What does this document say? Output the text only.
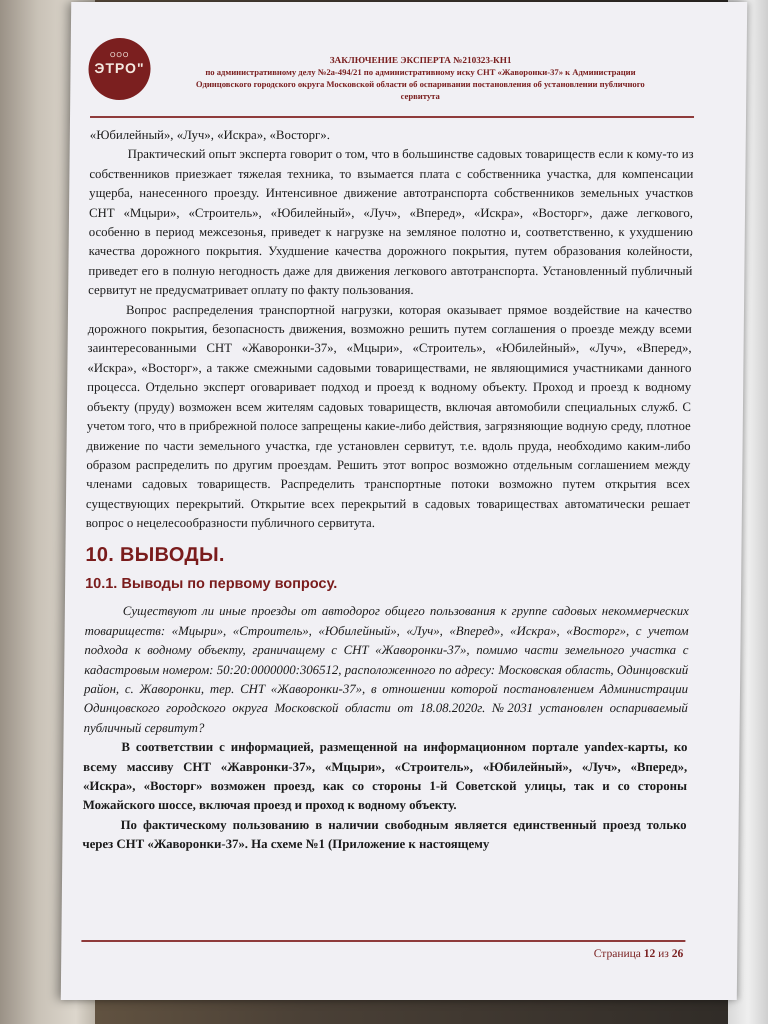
ООО
ЭТРО"	ЗАКЛЮЧЕНИЕ ЭКСПЕРТА №210323-КН1
по административному делу №2а-494/21 по административному иску СНТ «Жаворонки-37» к Администрации
Одинцовского городского округа Московской области об оспаривании постановления об установлении публичного
сервитута

«Юбилейный», «Луч», «Искра», «Восторг».

Практический опыт эксперта говорит о том, что в большинстве садовых товариществ если к кому-то из собственников приезжает тяжелая техника, то взымается плата с собственника участка, для компенсации ущерба, нанесенного проезду. Интенсивное движение автотранспорта собственников земельных участков СНТ «Мцыри», «Строитель», «Юбилейный», «Луч», «Вперед», «Искра», «Восторг», даже легкового, особенно в период межсезонья, приведет к нагрузке на земляное полотно и, соответственно, к ухудшению качества дорожного покрытия. Ухудшение качества дорожного покрытия, путем образования колейности, приведет его в полную негодность даже для движения легкового автотранспорта. Установленный публичный сервитут не предусматривает оплату по факту пользования.

Вопрос распределения транспортной нагрузки, которая оказывает прямое воздействие на качество дорожного покрытия, безопасность движения, возможно решить путем соглашения о проезде между всеми заинтересованными СНТ «Жаворонки-37», «Мцыри», «Строитель», «Юбилейный», «Луч», «Вперед», «Искра», «Восторг», а также смежными садовыми товариществами, не являющимися участниками данного процесса. Отдельно эксперт оговаривает подход и проезд к водному объекту. Проход и проезд к водному объекту (пруду) возможен всем жителям садовых товариществ, включая автомобили специальных служб. С учетом того, что в прибрежной полосе запрещены какие-либо действия, загрязняющие водную среду, плотное движение по части земельного участка, где установлен сервитут, т.е. вдоль пруда, необходимо каким-либо образом распределить по другим проездам. Решить этот вопрос возможно отдельным соглашением между членами садовых товариществ. Распределить транспортные потоки возможно путем открытия всех существующих перекрытий. Открытие всех перекрытий в садовых товариществах автоматически решает вопрос о нецелесообразности публичного сервитута.

10. ВЫВОДЫ.

10.1. Выводы по первому вопросу.

Существуют ли иные проезды от автодорог общего пользования к группе садовых некоммерческих товариществ: «Мцыри», «Строитель», «Юбилейный», «Луч», «Вперед», «Искра», «Восторг», с учетом подхода к водному объекту, граничащему с СНТ «Жаворонки-37», помимо части земельного участка с кадастровым номером: 50:20:0000000:306512, расположенного по адресу: Московская область, Одинцовский район, с. Жаворонки, тер. СНТ «Жаворонки-37», в отношении которой постановлением Администрации Одинцовского городского округа Московской области от 18.08.2020г. №2031 установлен оспариваемый публичный сервитут?

В соответствии с информацией, размещенной на информационном портале yandex-карты, ко всему массиву СНТ «Жавронки-37», «Мцыри», «Строитель», «Юбилейный», «Луч», «Вперед», «Искра», «Восторг» возможен проезд, как со стороны 1-й Советской улицы, так и со стороны Можайского шоссе, включая проезд и проход к водному объекту.

По фактическому пользованию в наличии свободным является единственный проезд только через СНТ «Жаворонки-37». На схеме №1 (Приложение к настоящему

Страница 12 из 26
